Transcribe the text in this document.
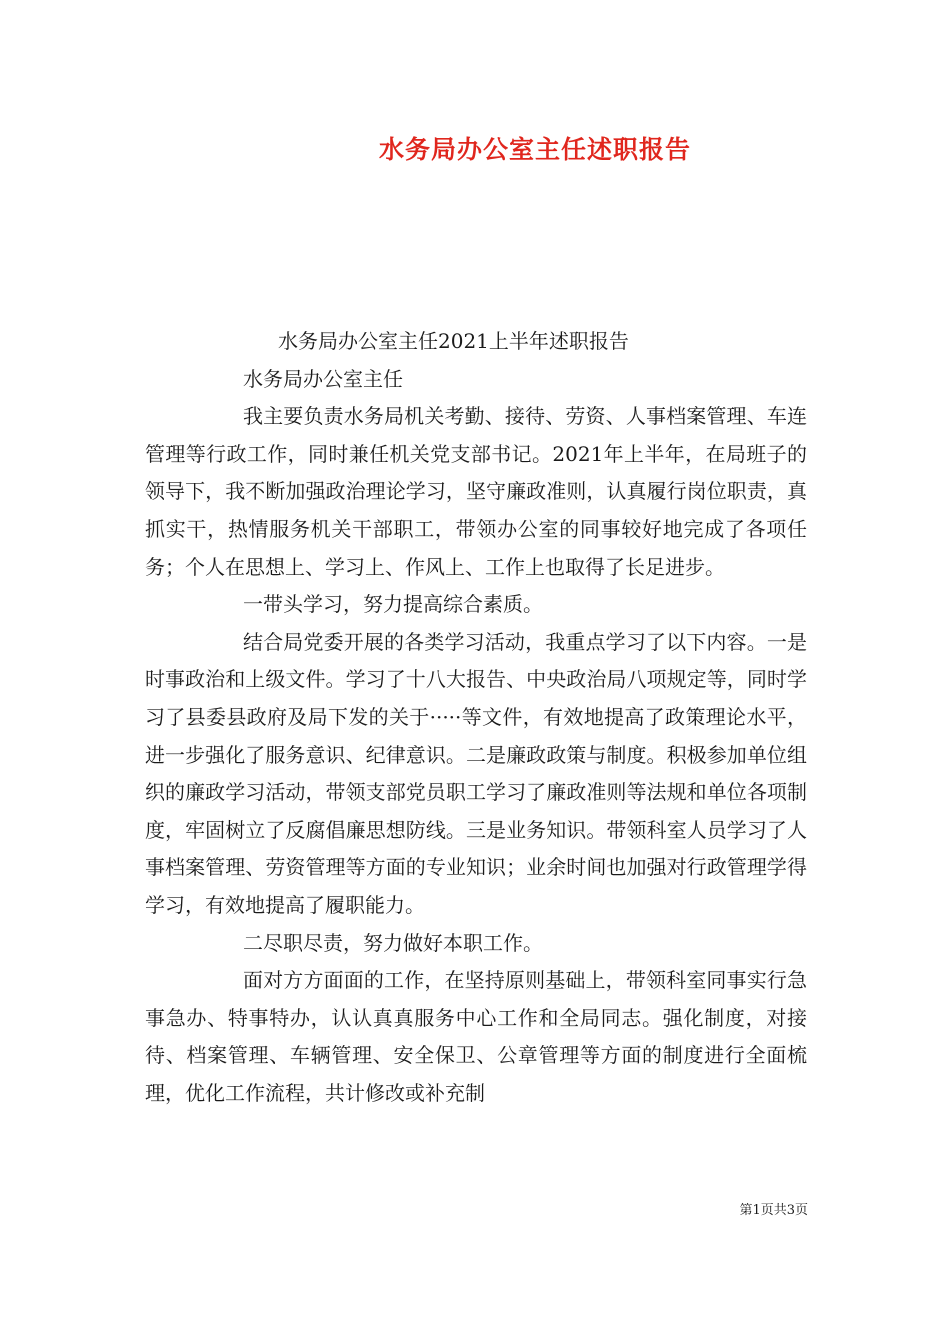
水务局办公室主任述职报告

水务局办公室主任2021上半年述职报告

水务局办公室主任

我主要负责水务局机关考勤、接待、劳资、人事档案管理、车连管理等行政工作，同时兼任机关党支部书记。2021年上半年，在局班子的领导下，我不断加强政治理论学习，坚守廉政准则，认真履行岗位职责，真抓实干，热情服务机关干部职工，带领办公室的同事较好地完成了各项任务；个人在思想上、学习上、作风上、工作上也取得了长足进步。

一带头学习，努力提高综合素质。

结合局党委开展的各类学习活动，我重点学习了以下内容。一是时事政治和上级文件。学习了十八大报告、中央政治局八项规定等，同时学习了县委县政府及局下发的关于·····等文件，有效地提高了政策理论水平，进一步强化了服务意识、纪律意识。二是廉政政策与制度。积极参加单位组织的廉政学习活动，带领支部党员职工学习了廉政准则等法规和单位各项制度，牢固树立了反腐倡廉思想防线。三是业务知识。带领科室人员学习了人事档案管理、劳资管理等方面的专业知识；业余时间也加强对行政管理学得学习，有效地提高了履职能力。

二尽职尽责，努力做好本职工作。

面对方方面面的工作，在坚持原则基础上，带领科室同事实行急事急办、特事特办，认认真真服务中心工作和全局同志。强化制度，对接待、档案管理、车辆管理、安全保卫、公章管理等方面的制度进行全面梳理，优化工作流程，共计修改或补充制

第1页共3页
